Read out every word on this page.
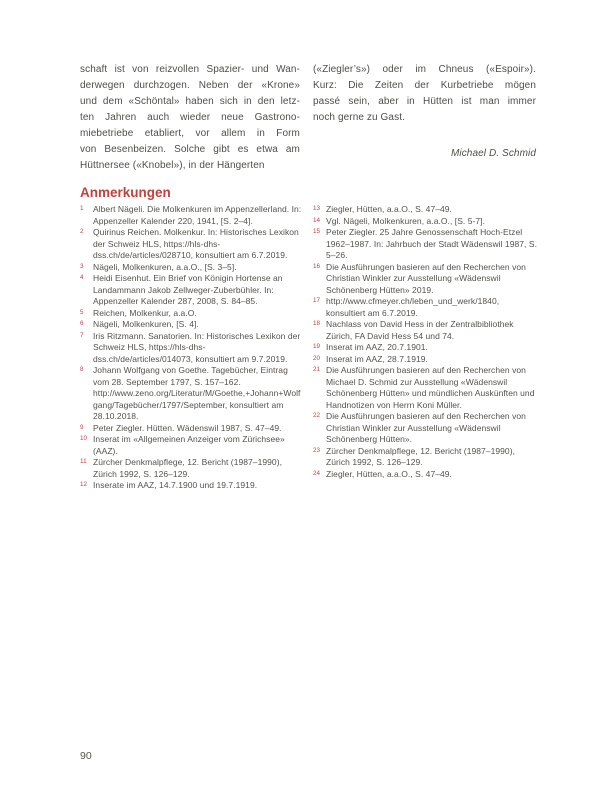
schaft ist von reizvollen Spazier- und Wan-
derwegen durchzogen. Neben der «Krone»
und dem «Schöntal» haben sich in den letz-
ten Jahren auch wieder neue Gastrono-
miebetriebe etabliert, vor allem in Form
von Besenbeizen. Solche gibt es etwa am
Hüttnersee («Knobel»), in der Hängerten
(«Ziegler’s») oder im Chneus («Espoir»).
Kurz: Die Zeiten der Kurbetriebe mögen
passé sein, aber in Hütten ist man immer
noch gerne zu Gast.
Michael D. Schmid
Anmerkungen
1 Albert Nägeli. Die Molkenkuren im Appenzellerland. In: Appenzeller Kalender 220, 1941, [S. 2–4].
2 Quirinus Reichen. Molkenkur. In: Historisches Lexikon der Schweiz HLS, https://hls-dhs-dss.ch/de/articles/028710, konsultiert am 6.7.2019.
3 Nägeli, Molkenkuren, a.a.O., [S. 3–5].
4 Heidi Eisenhut. Ein Brief von Königin Hortense an Landammann Jakob Zellweger-Zuberbühler. In: Appenzeller Kalender 287, 2008, S. 84–85.
5 Reichen, Molkenkur, a.a.O.
6 Nägeli, Molkenkuren, [S. 4].
7 Iris Ritzmann. Sanatorien. In: Historisches Lexikon der Schweiz HLS, https://hls-dhs-dss.ch/de/articles/014073, konsultiert am 9.7.2019.
8 Johann Wolfgang von Goethe. Tagebücher, Eintrag vom 28. September 1797, S. 157–162. http://www.zeno.org/Literatur/M/Goethe,+Johann+Wolfgang/Tagebücher/1797/September, konsultiert am 28.10.2018.
9 Peter Ziegler. Hütten. Wädenswil 1987, S. 47–49.
10 Inserat im «Allgemeinen Anzeiger vom Zürichsee» (AAZ).
11 Zürcher Denkmalpflege, 12. Bericht (1987–1990), Zürich 1992, S. 126–129.
12 Inserate im AAZ, 14.7.1900 und 19.7.1919.
13 Ziegler, Hütten, a.a.O., S. 47–49.
14 Vgl. Nägeli, Molkenkuren, a.a.O., [S. 5-7].
15 Peter Ziegler. 25 Jahre Genossenschaft Hoch-Etzel 1962–1987. In: Jahrbuch der Stadt Wädenswil 1987, S. 5–26.
16 Die Ausführungen basieren auf den Recherchen von Christian Winkler zur Ausstellung «Wädenswil Schönenberg Hütten» 2019.
17 http://www.cfmeyer.ch/leben_und_werk/1840, konsultiert am 6.7.2019.
18 Nachlass von David Hess in der Zentralbibliothek Zürich, FA David Hess 54 und 74.
19 Inserat im AAZ, 20.7.1901.
20 Inserat im AAZ, 28.7.1919.
21 Die Ausführungen basieren auf den Recherchen von Michael D. Schmid zur Ausstellung «Wädenswil Schönenberg Hütten» und mündlichen Auskünften und Handnotizen von Herrn Koni Müller.
22 Die Ausführungen basieren auf den Recherchen von Christian Winkler zur Ausstellung «Wädenswil Schönenberg Hütten».
23 Zürcher Denkmalpflege, 12. Bericht (1987–1990), Zürich 1992, S. 126–129.
24 Ziegler, Hütten, a.a.O., S. 47–49.
90
